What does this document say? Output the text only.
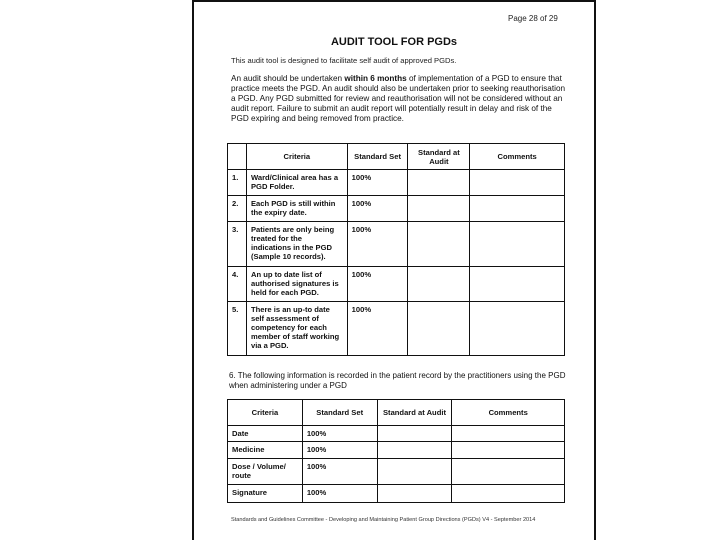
Page 28 of 29
AUDIT TOOL FOR PGDs
This audit tool is designed to facilitate self audit of approved PGDs.
An audit should be undertaken within 6 months of implementation of a PGD to ensure that practice meets the PGD. An audit should also be undertaken prior to seeking reauthorisation a PGD. Any PGD submitted for review and reauthorisation will not be considered without an audit report. Failure to submit an audit report will potentially result in delay and risk of the PGD expiring and being removed from practice.
	Criteria	Standard Set	Standard at Audit	Comments
1.	Ward/Clinical area has a PGD Folder.	100%		
2.	Each PGD is still within the expiry date.	100%		
3.	Patients are only being treated for the indications in the PGD (Sample 10 records).	100%		
4.	An up to date list of authorised signatures is held for each PGD.	100%		
5.	There is an up-to date self assessment of competency for each member of staff working via a PGD.	100%		
6. The following information is recorded in the patient record by the practitioners using the PGD when administering under a PGD
Criteria	Standard Set	Standard at Audit	Comments
Date	100%		
Medicine	100%		
Dose / Volume/ route	100%		
Signature	100%		
Standards and Guidelines Committee - Developing and Maintaining Patient Group Directions (PGDs) V4 - September 2014
